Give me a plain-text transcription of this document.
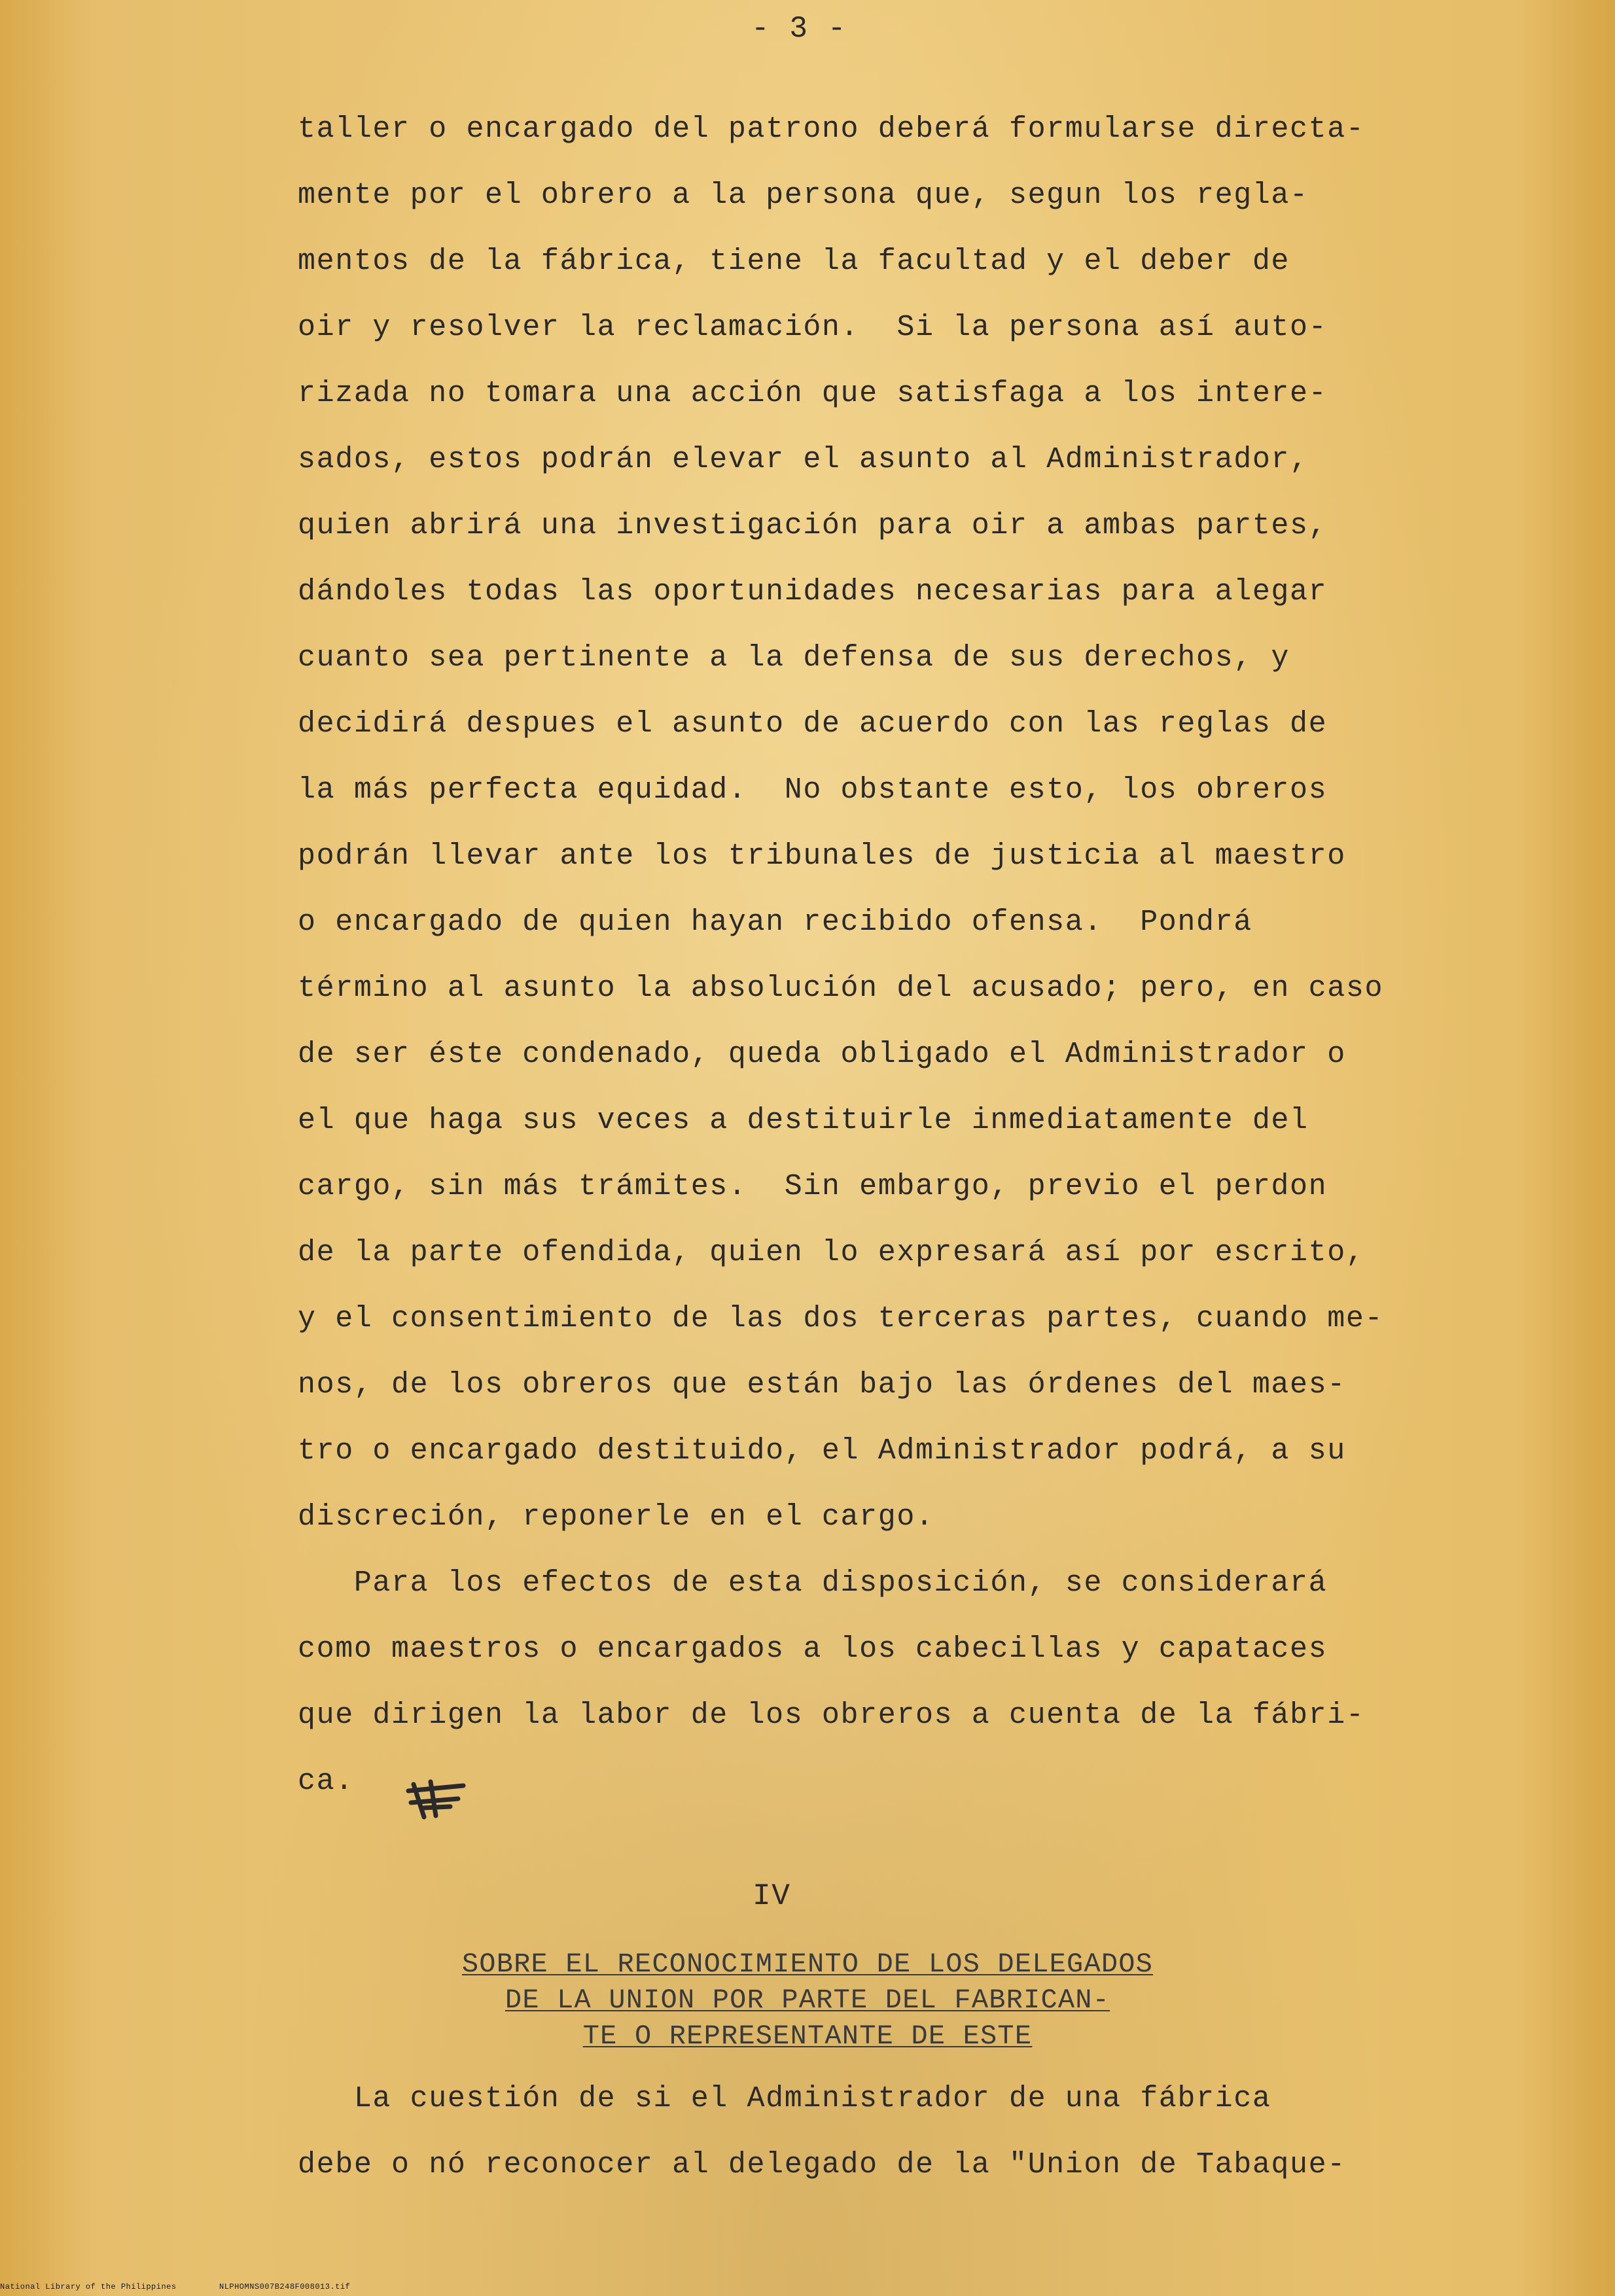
- 3 -
taller o encargado del patrono deberá formularse directa-
mente por el obrero a la persona que, segun los regla-
mentos de la fábrica, tiene la facultad y el deber de
oir y resolver la reclamación.  Si la persona así auto-
rizada no tomara una acción que satisfaga a los intere-
sados, estos podrán elevar el asunto al Administrador,
quien abrirá una investigación para oir a ambas partes,
dándoles todas las oportunidades necesarias para alegar
cuanto sea pertinente a la defensa de sus derechos, y
decidirá despues el asunto de acuerdo con las reglas de
la más perfecta equidad.  No obstante esto, los obreros
podrán llevar ante los tribunales de justicia al maestro
o encargado de quien hayan recibido ofensa.  Pondrá
término al asunto la absolución del acusado; pero, en caso
de ser éste condenado, queda obligado el Administrador o
el que haga sus veces a destituirle inmediatamente del
cargo, sin más trámites.  Sin embargo, previo el perdon
de la parte ofendida, quien lo expresará así por escrito,
y el consentimiento de las dos terceras partes, cuando me-
nos, de los obreros que están bajo las órdenes del maes-
tro o encargado destituido, el Administrador podrá, a su
discreción, reponerle en el cargo.
Para los efectos de esta disposición, se considerará
como maestros o encargados a los cabecillas y capataces
que dirigen la labor de los obreros a cuenta de la fábri-
ca.
IV
SOBRE EL RECONOCIMIENTO DE LOS DELEGADOS
DE LA UNION POR PARTE DEL FABRICAN-
TE O REPRESENTANTE DE ESTE
La cuestión de si el Administrador de una fábrica
debe o nó reconocer al delegado de la "Union de Tabaque-
National Library of the Philippines	NLPHOMNS007B248F008013.tif
